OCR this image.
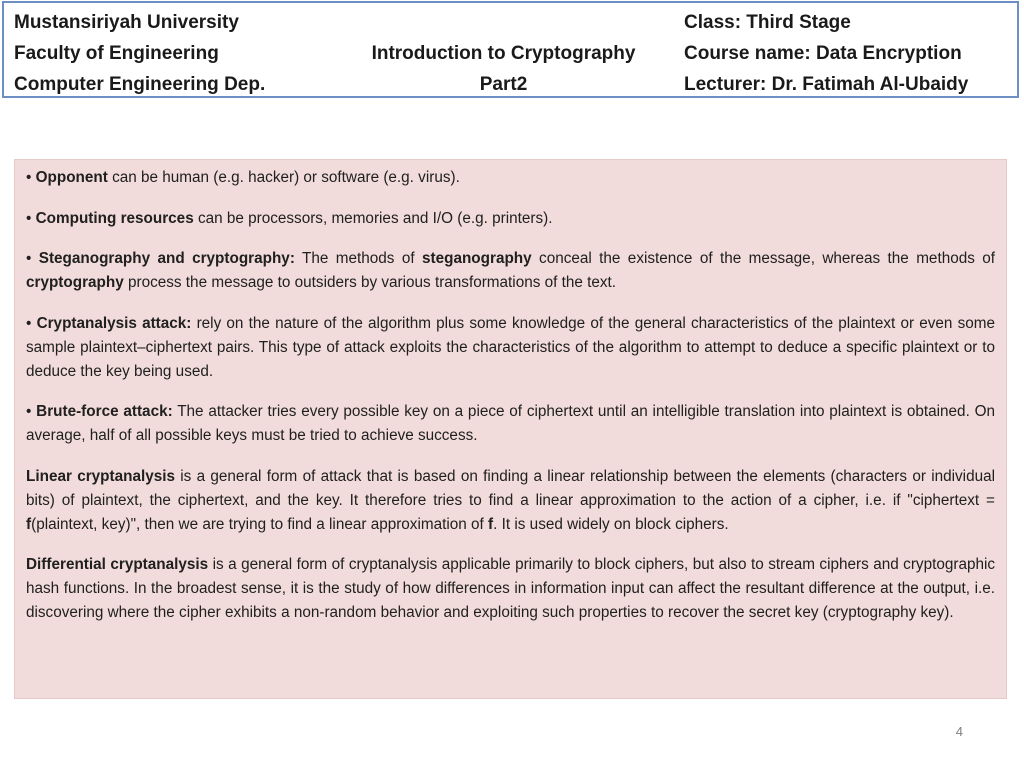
Mustansiriyah University
Faculty of Engineering
Computer Engineering Dep.
Introduction to Cryptography
Part2
Class: Third Stage
Course name: Data Encryption
Lecturer: Dr. Fatimah Al-Ubaidy

• Opponent can be human (e.g. hacker) or software (e.g. virus).

• Computing resources can be processors, memories and I/O (e.g. printers).

• Steganography and cryptography: The methods of steganography conceal the existence of the message, whereas the methods of cryptography process the message to outsiders by various transformations of the text.

• Cryptanalysis attack: rely on the nature of the algorithm plus some knowledge of the general characteristics of the plaintext or even some sample plaintext–ciphertext pairs. This type of attack exploits the characteristics of the algorithm to attempt to deduce a specific plaintext or to deduce the key being used.

• Brute-force attack: The attacker tries every possible key on a piece of ciphertext until an intelligible translation into plaintext is obtained. On average, half of all possible keys must be tried to achieve success.

Linear cryptanalysis is a general form of attack that is based on finding a linear relationship between the elements (characters or individual bits) of plaintext, the ciphertext, and the key. It therefore tries to find a linear approximation to the action of a cipher, i.e. if "ciphertext = f(plaintext, key)", then we are trying to find a linear approximation of f. It is used widely on block ciphers.

Differential cryptanalysis is a general form of cryptanalysis applicable primarily to block ciphers, but also to stream ciphers and cryptographic hash functions. In the broadest sense, it is the study of how differences in information input can affect the resultant difference at the output, i.e. discovering where the cipher exhibits a non-random behavior and exploiting such properties to recover the secret key (cryptography key).

4
